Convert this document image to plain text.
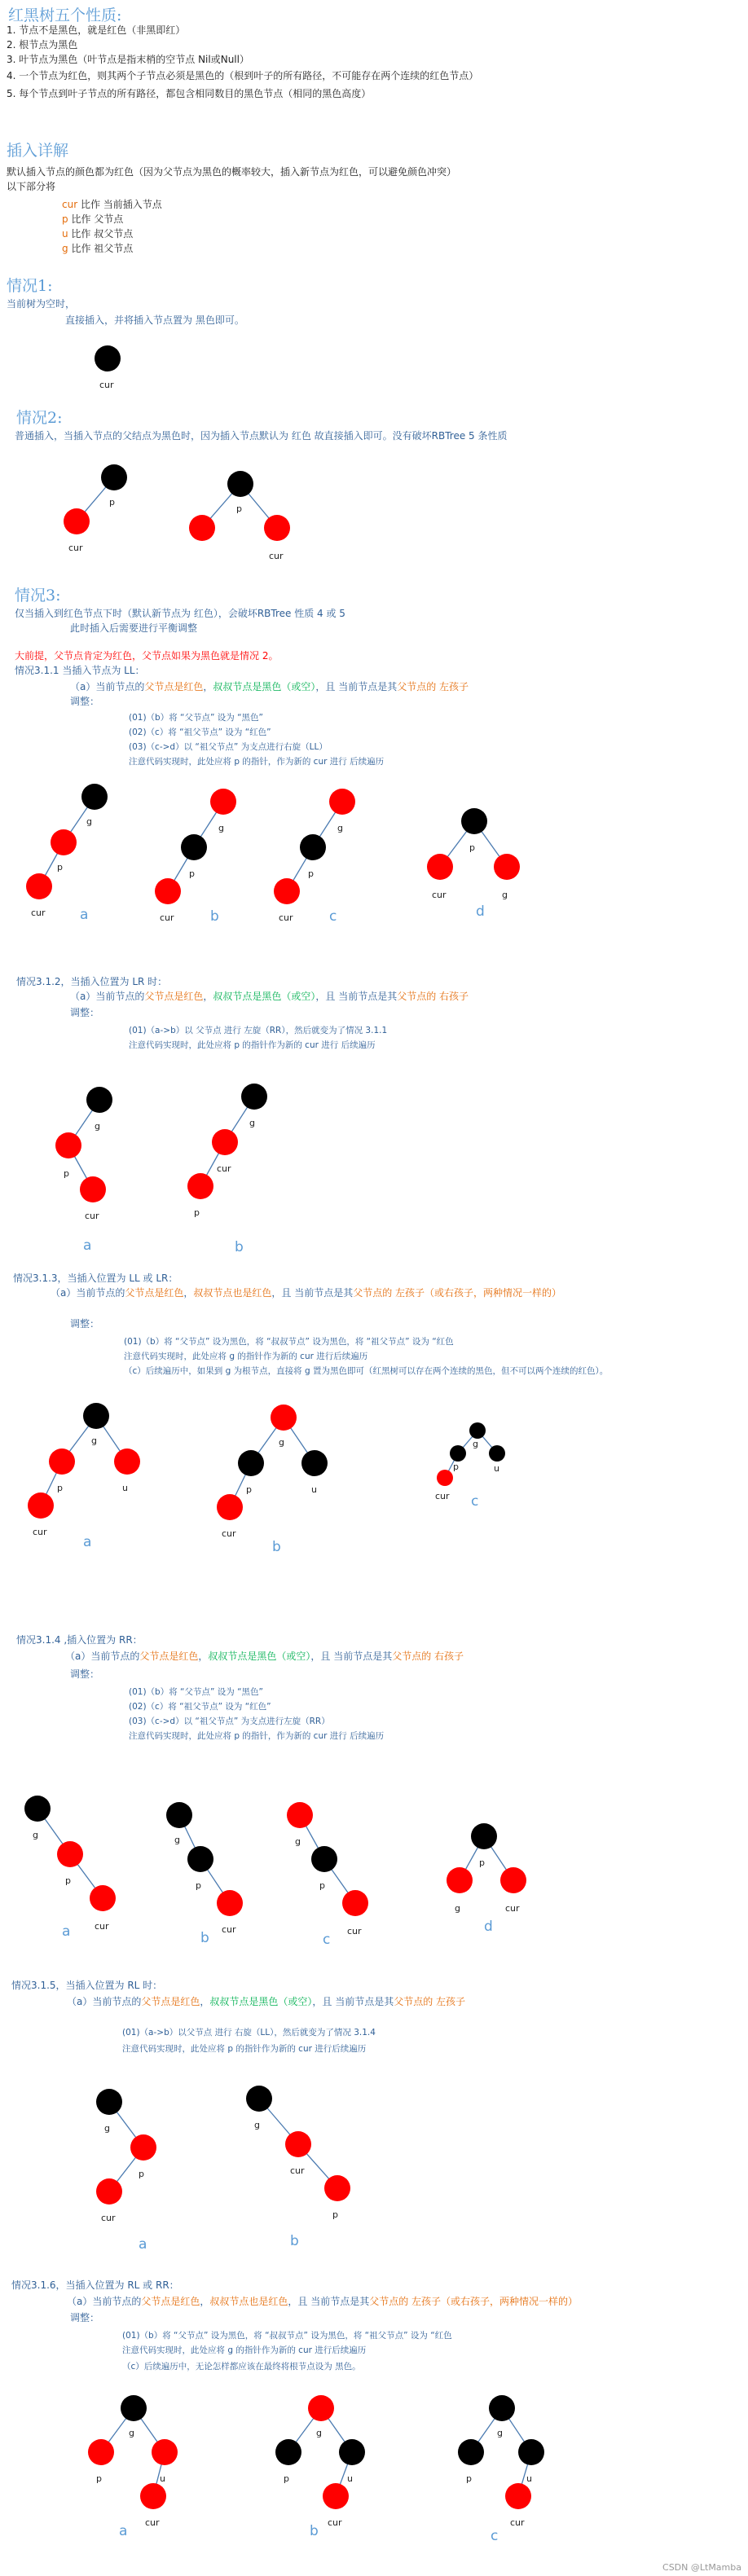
红黑树五个性质:
1. 节点不是黑色，就是红色（非黑即红）
2. 根节点为黑色
3. 叶节点为黑色（叶节点是指末梢的空节点 Nil或Null）
4. 一个节点为红色，则其两个子节点必须是黑色的（根到叶子的所有路径，不可能存在两个连续的红色节点）
5. 每个节点到叶子节点的所有路径，都包含相同数目的黑色节点（相同的黑色高度）
插入详解
默认插入节点的颜色都为红色（因为父节点为黑色的概率较大，插入新节点为红色，可以避免颜色冲突）
以下部分将
cur 比作 当前插入节点
p 比作 父节点
u 比作 叔父节点
g 比作 祖父节点
情况1:
当前树为空时，
直接插入，并将插入节点置为 黑色即可。
cur
p
cur
p
cur
g
p
cur a
g
p
cur	b
g
p
cur	c
p
cur	g
d
g
p
cur
a
g
cur
p
b
g
p	u
cur
a
g
p	u
cur
b
g
p	u
cur c
g
p
cur
a
g
p
cur
b
g
p
cur
c
p
g	cur
d
g
p
cur
a
g
cur
p
b
g
p	u
cur
a
g
p	u
cur
b
g
p	u
cur
c
情况2:
普通插入，当插入节点的父结点为黑色时，因为插入节点默认为 红色 故直接插入即可。没有破坏RBTree 5 条性质
情况3:
仅当插入到红色节点下时（默认新节点为 红色），会破坏RBTree 性质 4 或 5
此时插入后需要进行平衡调整
大前提，父节点肯定为红色，父节点如果为黑色就是情况 2。
情况3.1.1 当插入节点为 LL：
（a）当前节点的父节点是红色，叔叔节点是黑色（或空），且 当前节点是其父节点的 左孩子
调整：
(01)（b）将 “父节点” 设为 “黑色”
(02)（c）将 “祖父节点” 设为 “红色”
(03)（c->d）以 “祖父节点” 为支点进行右旋（LL）
注意代码实现时，此处应将 p 的指针，作为新的 cur 进行 后续遍历
情况3.1.2，当插入位置为 LR 时：
（a）当前节点的父节点是红色，叔叔节点是黑色（或空），且 当前节点是其父节点的 右孩子
调整：
(01)（a->b）以 父节点 进行 左旋（RR），然后就变为了情况 3.1.1
注意代码实现时，此处应将 p 的指针作为新的 cur 进行 后续遍历
情况3.1.3，当插入位置为 LL 或 LR：
（a）当前节点的父节点是红色，叔叔节点也是红色，且 当前节点是其父节点的 左孩子（或右孩子，两种情况一样的）
调整：
(01)（b）将 “父节点” 设为黑色，将 “叔叔节点” 设为黑色，将 “祖父节点” 设为 “红色
注意代码实现时，此处应将 g 的指针作为新的 cur 进行后续遍历
（c）后续遍历中，如果到 g 为根节点，直接将 g 置为黑色即可（红黑树可以存在两个连续的黑色，但不可以两个连续的红色）。
情况3.1.4 ,插入位置为 RR：
（a）当前节点的父节点是红色，叔叔节点是黑色（或空），且 当前节点是其父节点的 右孩子
调整：
(01)（b）将 “父节点” 设为 “黑色”
(02)（c）将 “祖父节点” 设为 “红色”
(03)（c->d）以 “祖父节点” 为支点进行左旋（RR）
注意代码实现时，此处应将 p 的指针，作为新的 cur 进行 后续遍历
情况3.1.5，当插入位置为 RL 时：
（a）当前节点的父节点是红色，叔叔节点是黑色（或空），且 当前节点是其父节点的 左孩子
(01)（a->b）以父节点 进行 右旋（LL），然后就变为了情况 3.1.4
注意代码实现时，此处应将 p 的指针作为新的 cur 进行后续遍历
情况3.1.6，当插入位置为 RL 或 RR：
（a）当前节点的父节点是红色，叔叔节点也是红色，且 当前节点是其父节点的 左孩子（或右孩子，两种情况一样的）
调整：
(01)（b）将 “父节点” 设为黑色，将 “叔叔节点” 设为黑色，将 “祖父节点” 设为 “红色
注意代码实现时，此处应将 g 的指针作为新的 cur 进行后续遍历
（c）后续遍历中，无论怎样都应该在最终将根节点设为 黑色。
CSDN @LtMamba
